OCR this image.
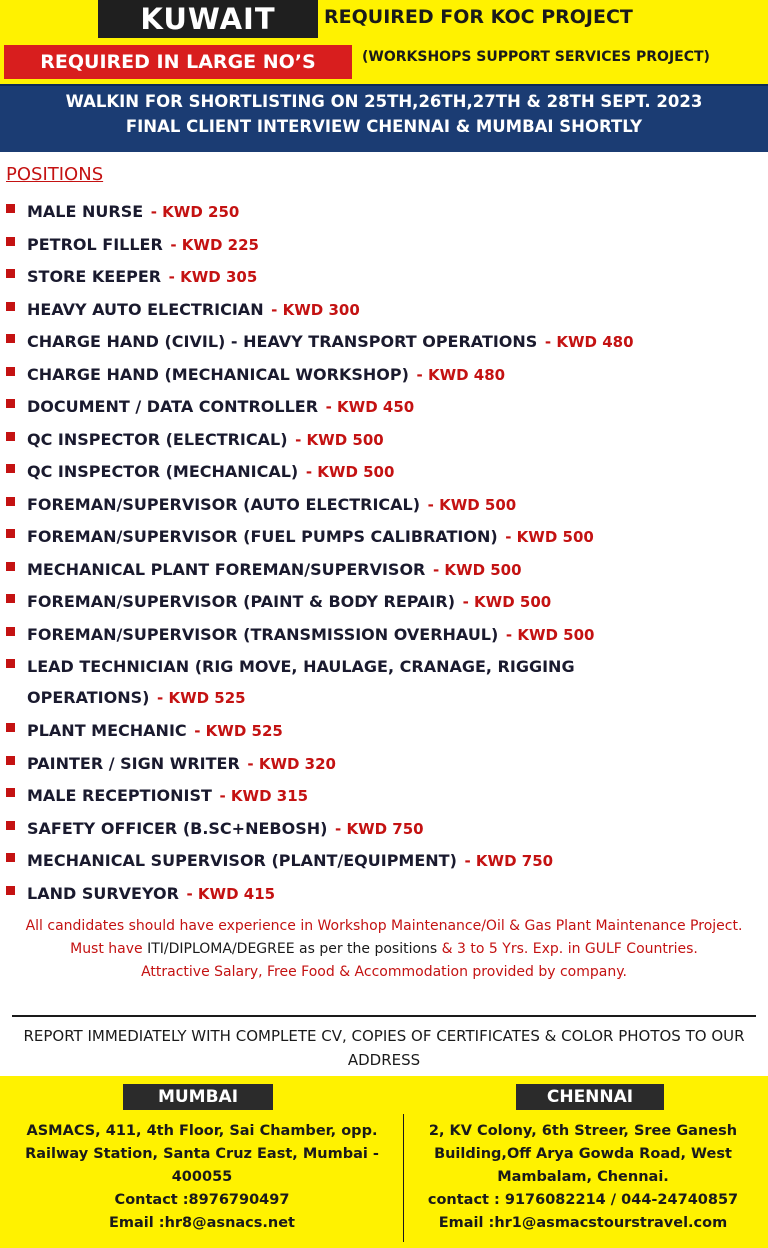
KUWAIT	REQUIRED FOR KOC PROJECT
REQUIRED IN LARGE NO’S	(WORKSHOPS SUPPORT SERVICES PROJECT)
WALKIN FOR SHORTLISTING ON 25TH,26TH,27TH & 28TH SEPT. 2023
FINAL CLIENT INTERVIEW CHENNAI & MUMBAI SHORTLY
POSITIONS
MALE NURSE - KWD 250
PETROL FILLER - KWD 225
STORE KEEPER - KWD 305
HEAVY AUTO ELECTRICIAN - KWD 300
CHARGE HAND (CIVIL) - HEAVY TRANSPORT OPERATIONS - KWD 480
CHARGE HAND (MECHANICAL WORKSHOP) - KWD 480
DOCUMENT / DATA CONTROLLER - KWD 450
QC INSPECTOR (ELECTRICAL) - KWD 500
QC INSPECTOR (MECHANICAL) - KWD 500
FOREMAN/SUPERVISOR (AUTO ELECTRICAL) - KWD 500
FOREMAN/SUPERVISOR (FUEL PUMPS CALIBRATION) - KWD 500
MECHANICAL PLANT FOREMAN/SUPERVISOR - KWD 500
FOREMAN/SUPERVISOR (PAINT & BODY REPAIR) - KWD 500
FOREMAN/SUPERVISOR (TRANSMISSION OVERHAUL) - KWD 500
LEAD TECHNICIAN (RIG MOVE, HAULAGE, CRANAGE, RIGGING OPERATIONS) - KWD 525
PLANT MECHANIC - KWD 525
PAINTER / SIGN WRITER - KWD 320
MALE RECEPTIONIST - KWD 315
SAFETY OFFICER (B.SC+NEBOSH) - KWD 750
MECHANICAL SUPERVISOR (PLANT/EQUIPMENT) - KWD 750
LAND SURVEYOR - KWD 415
All candidates should have experience in Workshop Maintenance/Oil & Gas Plant Maintenance Project.
Must have ITI/DIPLOMA/DEGREE as per the positions & 3 to 5 Yrs. Exp. in GULF Countries.
Attractive Salary, Free Food & Accommodation provided by company.
REPORT IMMEDIATELY WITH COMPLETE CV, COPIES OF CERTIFICATES & COLOR PHOTOS TO OUR ADDRESS
MUMBAI	CHENNAI
ASMACS, 411, 4th Floor, Sai Chamber, opp. Railway Station, Santa Cruz East, Mumbai - 400055
Contact :8976790497
Email :hr8@asnacs.net
2, KV Colony, 6th Streer, Sree Ganesh Building,Off Arya Gowda Road, West Mambalam, Chennai.
contact : 9176082214 / 044-24740857
Email :hr1@asmacstourstravel.com
